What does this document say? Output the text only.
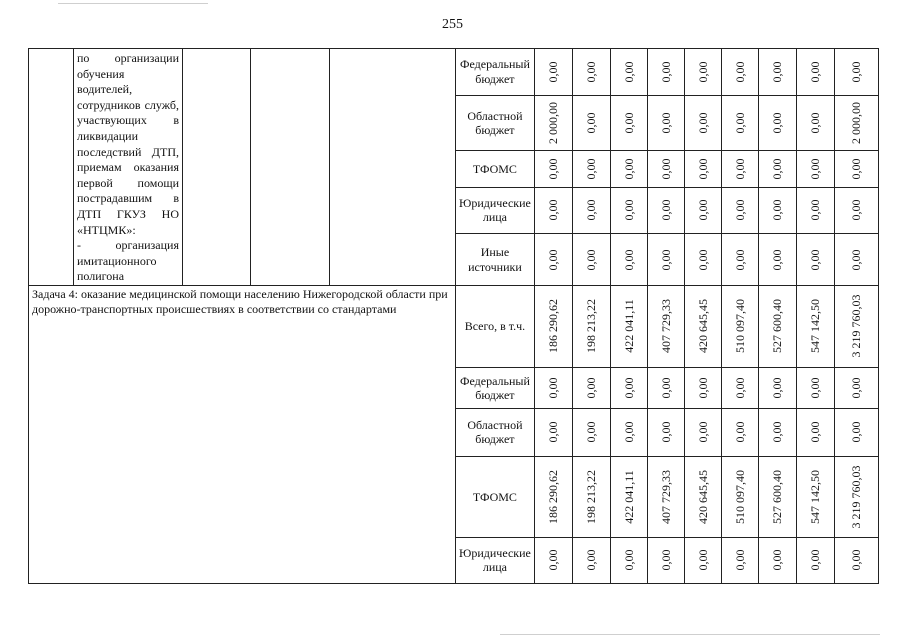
255
	по организации обучения водителей, сотрудников служб, участвующих в ликвидации последствий ДТП, приемам оказания первой помощи пострадавшим в ДТП ГКУЗ НО «НТЦМК»:
- организация имитационного полигона				Федеральный бюджет	0,00	0,00	0,00	0,00	0,00	0,00	0,00	0,00	0,00

					Областной бюджет	2 000,00	0,00	0,00	0,00	0,00	0,00	0,00	0,00	2 000,00

					ТФОМС	0,00	0,00	0,00	0,00	0,00	0,00	0,00	0,00	0,00

					Юридические лица	0,00	0,00	0,00	0,00	0,00	0,00	0,00	0,00	0,00

					Иные источники	0,00	0,00	0,00	0,00	0,00	0,00	0,00	0,00	0,00

Задача 4: оказание медицинской помощи населению Нижегородской области при дорожно-транспортных происшествиях в соответствии со стандартами					Всего, в т.ч.	186 290,62	198 213,22	422 041,11	407 729,33	420 645,45	510 097,40	527 600,40	547 142,50	3 219 760,03

					Федеральный бюджет	0,00	0,00	0,00	0,00	0,00	0,00	0,00	0,00	0,00

					Областной бюджет	0,00	0,00	0,00	0,00	0,00	0,00	0,00	0,00	0,00

					ТФОМС	186 290,62	198 213,22	422 041,11	407 729,33	420 645,45	510 097,40	527 600,40	547 142,50	3 219 760,03

					Юридические лица	0,00	0,00	0,00	0,00	0,00	0,00	0,00	0,00	0,00
